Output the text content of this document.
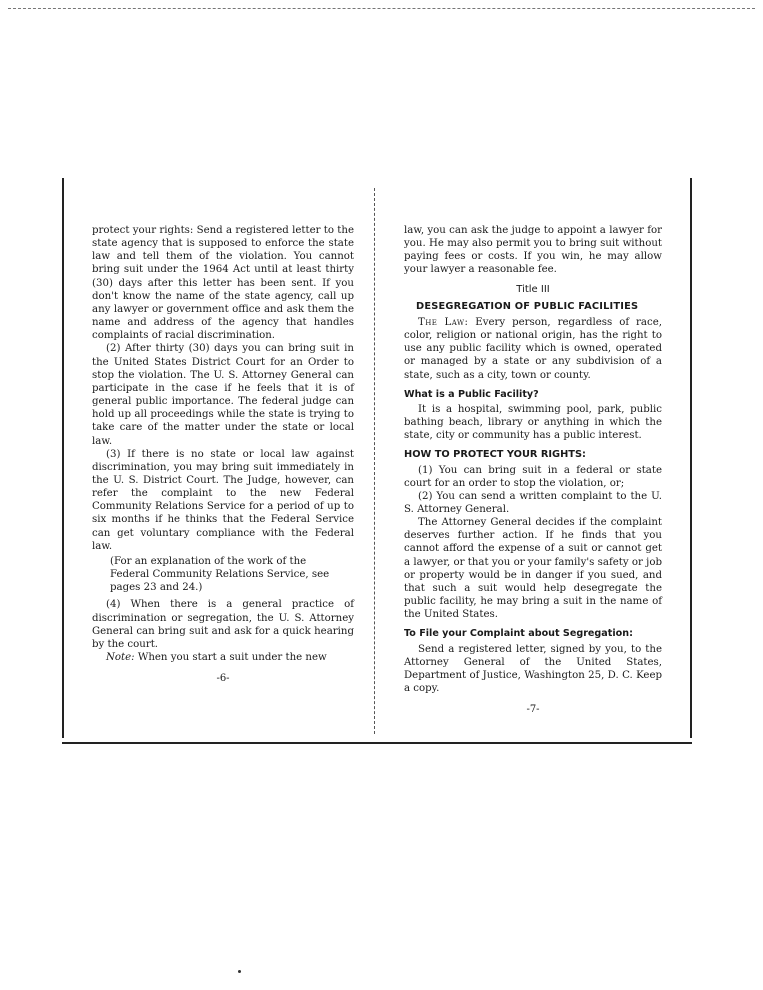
protect your rights: Send a registered letter to the state agency that is supposed to enforce the state law and tell them of the violation. You cannot bring suit under the 1964 Act until at least thirty (30) days after this letter has been sent. If you don't know the name of the state agency, call up any lawyer or government office and ask them the name and address of the agency that handles complaints of racial discrimination.

(2) After thirty (30) days you can bring suit in the United States District Court for an Order to stop the violation. The U. S. Attorney General can participate in the case if he feels that it is of general public importance. The federal judge can hold up all proceedings while the state is trying to take care of the matter under the state or local law.

(3) If there is no state or local law against discrimination, you may bring suit immediately in the U. S. District Court. The Judge, however, can refer the complaint to the new Federal Community Relations Service for a period of up to six months if he thinks that the Federal Service can get voluntary compliance with the Federal law.

(For an explanation of the work of the Federal Community Relations Service, see pages 23 and 24.)

(4) When there is a general practice of discrimination or segregation, the U. S. Attorney General can bring suit and ask for a quick hearing by the court.

Note: When you start a suit under the new

-6-

law, you can ask the judge to appoint a lawyer for you. He may also permit you to bring suit without paying fees or costs. If you win, he may allow your lawyer a reasonable fee.

Title III
DESEGREGATION OF PUBLIC FACILITIES

The Law: Every person, regardless of race, color, religion or national origin, has the right to use any public facility which is owned, operated or managed by a state or any subdivision of a state, such as a city, town or county.

What is a Public Facility?

It is a hospital, swimming pool, park, public bathing beach, library or anything in which the state, city or community has a public interest.

HOW TO PROTECT YOUR RIGHTS:

(1) You can bring suit in a federal or state court for an order to stop the violation, or;

(2) You can send a written complaint to the U. S. Attorney General.

The Attorney General decides if the complaint deserves further action. If he finds that you cannot afford the expense of a suit or cannot get a lawyer, or that you or your family's safety or job or property would be in danger if you sued, and that such a suit would help desegregate the public facility, he may bring a suit in the name of the United States.

To File your Complaint about Segregation:

Send a registered letter, signed by you, to the Attorney General of the United States, Department of Justice, Washington 25, D. C. Keep a copy.

-7-
